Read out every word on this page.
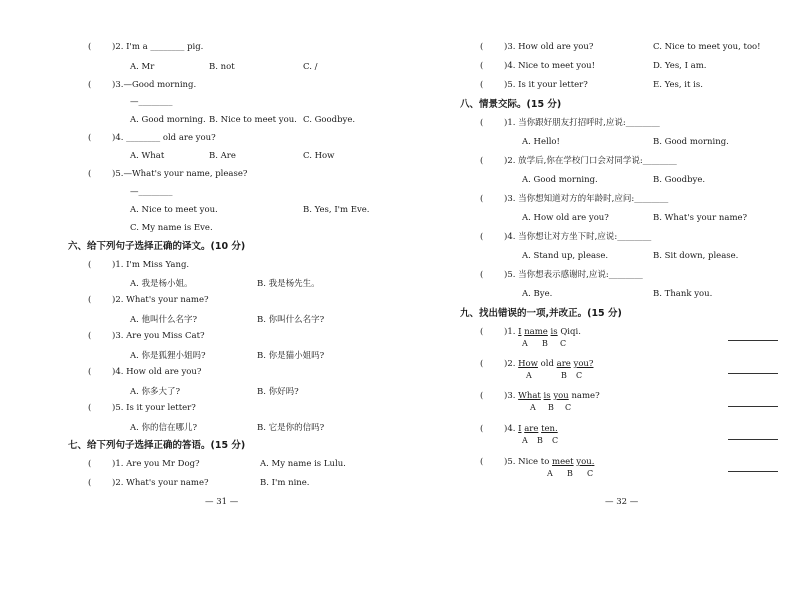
( )2. I'm a ________ pig.
A. Mr	B. not	C. /
( )3.—Good morning.
—________
A. Good morning. B. Nice to meet you. C. Goodbye.
( )4. ________ old are you?
A. What	B. Are	C. How
( )5.—What's your name, please?
—________
A. Nice to meet you.	B. Yes, I'm Eve.
C. My name is Eve.
六、给下列句子选择正确的译文。(10 分)
( )1. I'm Miss Yang.
A. 我是杨小姐。	B. 我是杨先生。
( )2. What's your name?
A. 他叫什么名字?	B. 你叫什么名字?
( )3. Are you Miss Cat?
A. 你是狐狸小姐吗?	B. 你是猫小姐吗?
( )4. How old are you?
A. 你多大了?	B. 你好吗?
( )5. Is it your letter?
A. 你的信在哪儿?	B. 它是你的信吗?
七、给下列句子选择正确的答语。(15 分)
( )1. Are you Mr Dog?	A. My name is Lulu.
( )2. What's your name?	B. I'm nine.
— 31 —
( )3. How old are you?	C. Nice to meet you, too!
( )4. Nice to meet you!	D. Yes, I am.
( )5. Is it your letter?	E. Yes, it is.
八、情景交际。(15 分)
( )1. 当你跟好朋友打招呼时,应说:________
A. Hello!	B. Good morning.
( )2. 放学后,你在学校门口会对同学说:________
A. Good morning.	B. Goodbye.
( )3. 当你想知道对方的年龄时,应问:________
A. How old are you?	B. What's your name?
( )4. 当你想让对方坐下时,应说:________
A. Stand up, please.	B. Sit down, please.
( )5. 当你想表示感谢时,应说:________
A. Bye.	B. Thank you.
九、找出错误的一项,并改正。(15 分)
( )1. I name is Qiqi.
A B C
( )2. How old are you?
A	B C
( )3. What is you name?
A B C
( )4. I are ten.
A B C
( )5. Nice to meet you.
A B C
— 32 —
